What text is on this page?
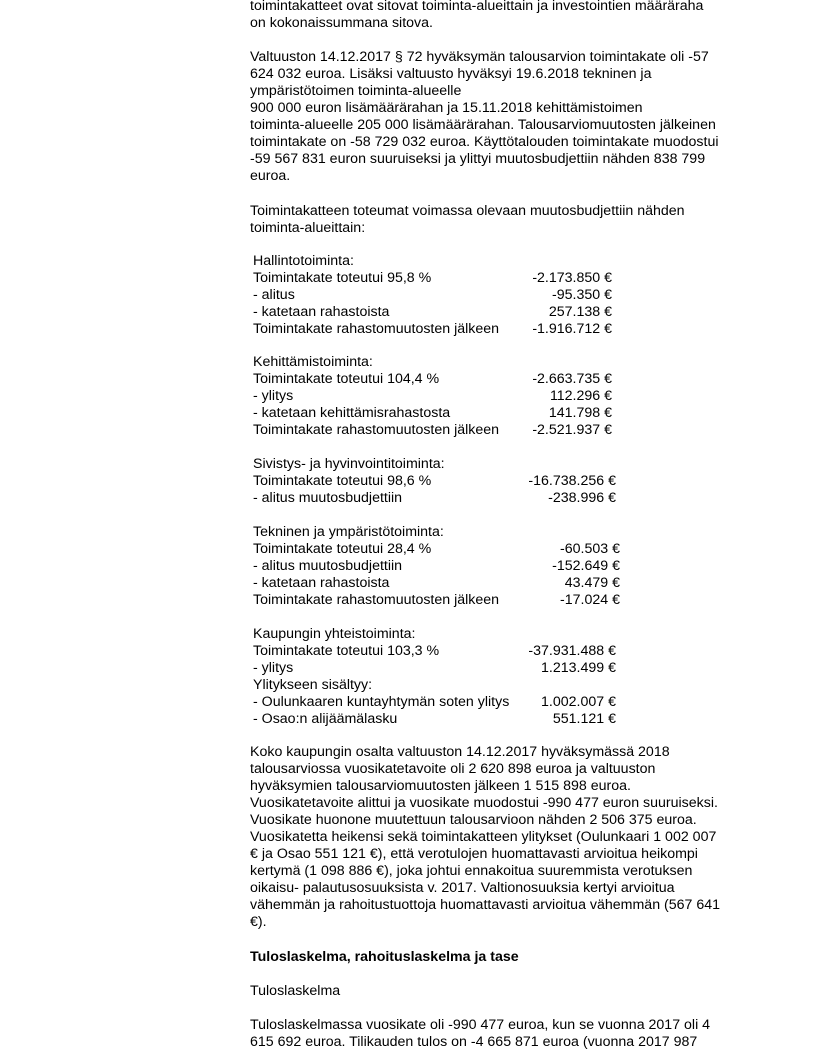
toimintakatteet ovat sitovat toiminta-alueittain ja investointien määräraha
on kokonaissummana sitova.
Valtuuston 14.12.2017 § 72 hyväksymän talousarvion toimintakate oli -57
624 032 euroa. Lisäksi valtuusto hyväksyi 19.6.2018 tekninen ja
ympäristötoimen toiminta-alueelle
900 000 euron lisämäärärahan ja 15.11.2018 kehittämistoimen
toiminta-alueelle 205 000 lisämäärärahan. Talousarviomuutosten jälkeinen
toimintakate on -58 729 032 euroa. Käyttötalouden toimintakate muodostui
-59 567 831 euron suuruiseksi ja ylittyi muutosbudjettiin nähden 838 799
euroa.
Toimintakatteen toteumat voimassa olevaan muutosbudjettiin nähden
toiminta-alueittain:
Hallintotoiminta:
Toimintakate toteutui 95,8 %	-2.173.850 €
- alitus	-95.350 €
- katetaan rahastoista	257.138 €
Toimintakate rahastomuutosten jälkeen -1.916.712 €
Kehittämistoiminta:
Toimintakate toteutui 104,4 %	-2.663.735 €
- ylitys	112.296 €
- katetaan kehittämisrahastosta	141.798 €
Toimintakate rahastomuutosten jälkeen -2.521.937 €
Sivistys- ja hyvinvointitoiminta:
Toimintakate toteutui 98,6 %	-16.738.256 €
- alitus muutosbudjettiin	-238.996 €
Tekninen ja ympäristötoiminta:
Toimintakate toteutui 28,4 %	-60.503 €
- alitus muutosbudjettiin	-152.649 €
- katetaan rahastoista	43.479 €
Toimintakate rahastomuutosten jälkeen	-17.024 €
Kaupungin yhteistoiminta:
Toimintakate toteutui 103,3 %	-37.931.488 €
- ylitys	1.213.499 €
Ylitykseen sisältyy:
- Oulunkaaren kuntayhtymän soten ylitys 1.002.007 €
- Osao:n alijäämälasku	551.121 €
Koko kaupungin osalta valtuuston 14.12.2017 hyväksymässä 2018
talousarviossa vuosikatetavoite oli 2 620 898 euroa ja valtuuston
hyväksymien talousarviomuutosten jälkeen 1 515 898 euroa.
Vuosikatetavoite alittui ja vuosikate muodostui -990 477 euron suuruiseksi.
Vuosikate huonone muutettuun talousarvioon nähden 2 506 375 euroa.
Vuosikatetta heikensi sekä toimintakatteen ylitykset (Oulunkaari 1 002 007
€ ja Osao 551 121 €), että verotulojen huomattavasti arvioitua heikompi
kertymä (1 098 886 €), joka johtui ennakoitua suuremmista verotuksen
oikaisu- palautusosuuksista v. 2017. Valtionosuuksia kertyi arvioitua
vähemmän ja rahoitustuottoja huomattavasti arvioitua vähemmän (567 641
€).
Tuloslaskelma, rahoituslaskelma ja tase
Tuloslaskelma
Tuloslaskelmassa vuosikate oli -990 477 euroa, kun se vuonna 2017 oli 4
615 692 euroa. Tilikauden tulos on -4 665 871 euroa (vuonna 2017 987
